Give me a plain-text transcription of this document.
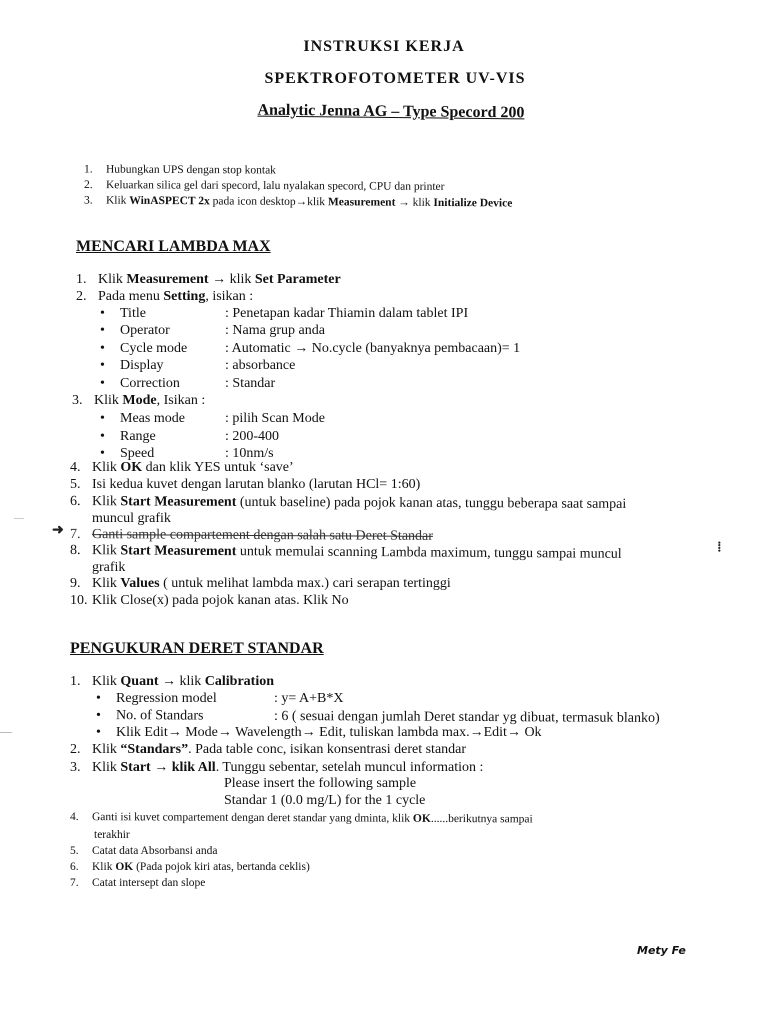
INSTRUKSI KERJA
SPEKTROFOTOMETER UV-VIS
Analytic Jenna AG – Type Specord 200
1. Hubungkan UPS dengan stop kontak
2. Keluarkan silica gel dari specord, lalu nyalakan specord, CPU dan printer
3. Klik WinASPECT 2x pada icon desktop→klik Measurement → klik Initialize Device
MENCARI LAMBDA MAX
1. Klik Measurement → klik Set Parameter
2. Pada menu Setting, isikan :
• Title	: Penetapan kadar Thiamin dalam tablet IPI
• Operator	: Nama grup anda
• Cycle mode	: Automatic → No.cycle (banyaknya pembacaan)= 1
• Display	: absorbance
• Correction	: Standar
3. Klik Mode, Isikan :
• Meas mode	: pilih Scan Mode
• Range	: 200-400
• Speed	: 10nm/s
4. Klik OK dan klik YES untuk ‘save’
5. Isi kedua kuvet dengan larutan blanko (larutan HCl= 1:60)
6. Klik Start Measurement (untuk baseline) pada pojok kanan atas, tunggu beberapa saat sampai
muncul grafik
7. Ganti sample compartement dengan salah satu Deret Standar
8. Klik Start Measurement untuk memulai scanning Lambda maximum, tunggu sampai muncul
grafik
9. Klik Values ( untuk melihat lambda max.) cari serapan tertinggi
10. Klik Close(x) pada pojok kanan atas. Klik No
PENGUKURAN DERET STANDAR
1. Klik Quant → klik Calibration
• Regression model	: y= A+B*X
• No. of Standars	: 6 ( sesuai dengan jumlah Deret standar yg dibuat, termasuk blanko)
• Klik Edit→ Mode→ Wavelength→ Edit, tuliskan lambda max.→Edit→ Ok
2. Klik “Standars”. Pada table conc, isikan konsentrasi deret standar
3. Klik Start → klik All. Tunggu sebentar, setelah muncul information :
Please insert the following sample
Standar 1 (0.0 mg/L) for the 1 cycle
4. Ganti isi kuvet compartement dengan deret standar yang dminta, klik OK......berikutnya sampai
terakhir
5. Catat data Absorbansi anda
6. Klik OK (Pada pojok kiri atas, bertanda ceklis)
7. Catat intersept dan slope
Mety Fe
➜
⁞
